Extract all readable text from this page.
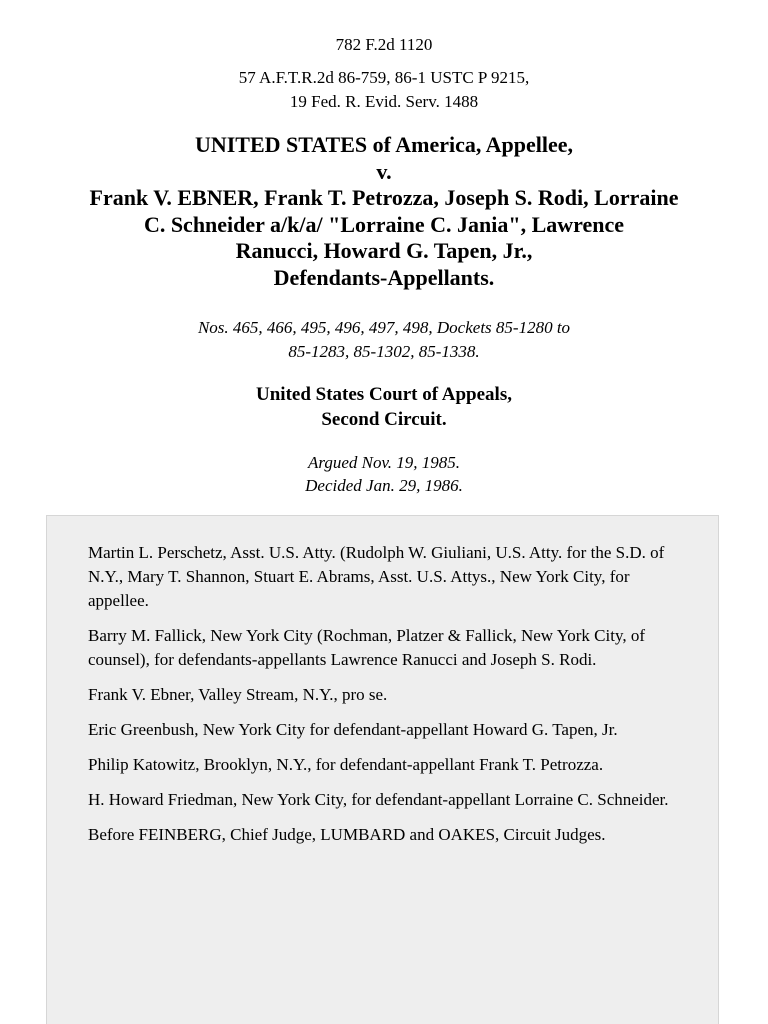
782 F.2d 1120
57 A.F.T.R.2d 86-759, 86-1 USTC P 9215,
19 Fed. R. Evid. Serv. 1488
UNITED STATES of America, Appellee,
v.
Frank V. EBNER, Frank T. Petrozza, Joseph S. Rodi, Lorraine
C. Schneider a/k/a/ "Lorraine C. Jania", Lawrence
Ranucci, Howard G. Tapen, Jr.,
Defendants-Appellants.
Nos. 465, 466, 495, 496, 497, 498, Dockets 85-1280 to
85-1283, 85-1302, 85-1338.
United States Court of Appeals,
Second Circuit.
Argued Nov. 19, 1985.
Decided Jan. 29, 1986.

Martin L. Perschetz, Asst. U.S. Atty. (Rudolph W. Giuliani, U.S. Atty. for the S.D. of N.Y., Mary T. Shannon, Stuart E. Abrams, Asst. U.S. Attys., New York City, for appellee.

Barry M. Fallick, New York City (Rochman, Platzer & Fallick, New York City, of counsel), for defendants-appellants Lawrence Ranucci and Joseph S. Rodi.

Frank V. Ebner, Valley Stream, N.Y., pro se.

Eric Greenbush, New York City for defendant-appellant Howard G. Tapen, Jr.

Philip Katowitz, Brooklyn, N.Y., for defendant-appellant Frank T. Petrozza.

H. Howard Friedman, New York City, for defendant-appellant Lorraine C. Schneider.

Before FEINBERG, Chief Judge, LUMBARD and OAKES, Circuit Judges.
